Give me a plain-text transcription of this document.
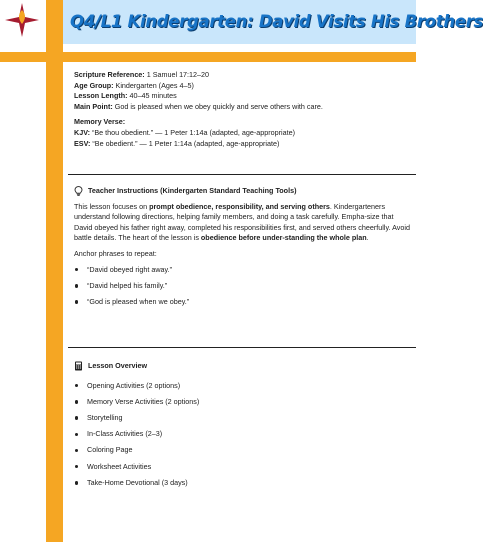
Q4/L1 Kindergarten: David Visits His Brothers

Scripture Reference: 1 Samuel 17:12–20

Age Group: Kindergarten (Ages 4–5)

Lesson Length: 40–45 minutes

Main Point: God is pleased when we obey quickly and serve others with care.

Memory Verse:

KJV: “Be thou obedient.” — 1 Peter 1:14a (adapted, age-appropriate)

ESV: “Be obedient.” — 1 Peter 1:14a (adapted, age-appropriate)

Teacher Instructions (Kindergarten Standard Teaching Tools)

This lesson focuses on prompt obedience, responsibility, and serving others. Kindergarteners understand following directions, helping family members, and doing a task carefully. Empha-size that David obeyed his father right away, completed his responsibilities first, and served others cheerfully. Avoid battle details. The heart of the lesson is obedience before under-standing the whole plan.

Anchor phrases to repeat:

“David obeyed right away.”
“David helped his family.”
“God is pleased when we obey.”
Lesson Overview
Opening Activities (2 options)
Memory Verse Activities (2 options)
Storytelling
In-Class Activities (2–3)
Coloring Page
Worksheet Activities
Take-Home Devotional (3 days)
